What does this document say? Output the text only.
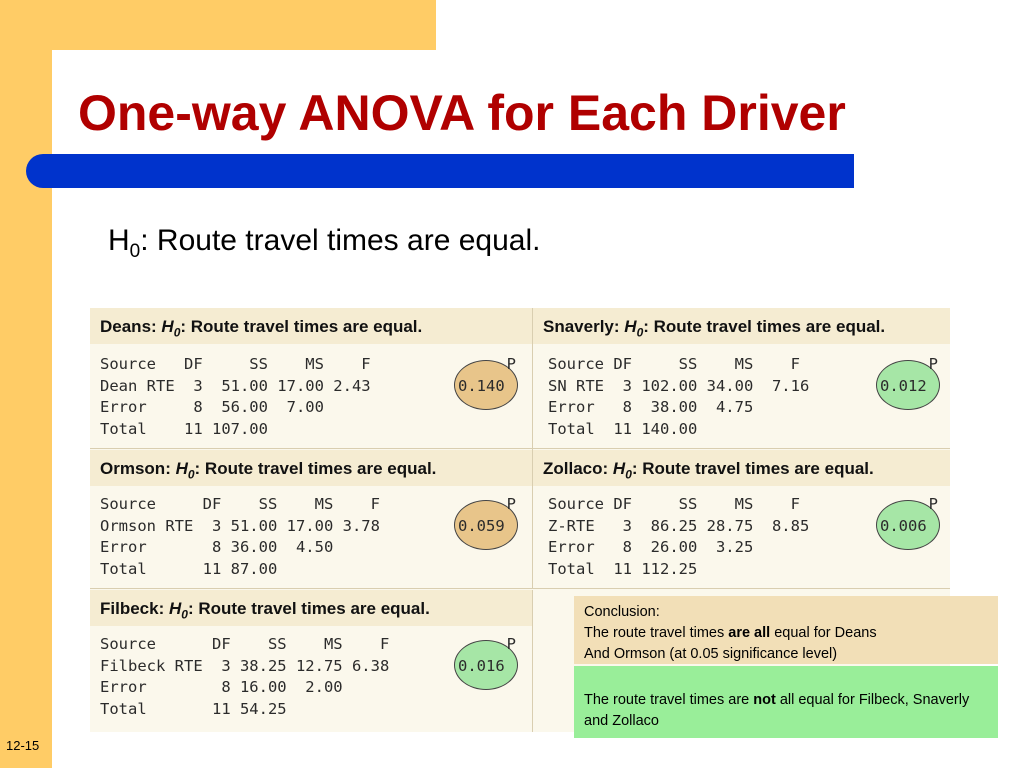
One-way ANOVA for Each Driver
$H_0$: Route travel times are equal.
Deans: $H_0$: Route travel times are equal.	Snaverly: $H_0$: Route travel times are equal.
Source   DF     SS    MS    F
Dean RTE  3  51.00 17.00 2.43
Error     8  56.00  7.00
Total    11 107.00
P
0.140
Source DF     SS    MS    F
SN RTE  3 102.00 34.00  7.16
Error   8  38.00  4.75
Total  11 140.00
P
0.012
Ormson: $H_0$: Route travel times are equal.	Zollaco: $H_0$: Route travel times are equal.
Source     DF    SS    MS    F
Ormson RTE  3 51.00 17.00 3.78
Error       8 36.00  4.50
Total      11 87.00
P
0.059
Source DF     SS    MS    F
Z-RTE   3  86.25 28.75  8.85
Error   8  26.00  3.25
Total  11 112.25
P
0.006
Filbeck: $H_0$: Route travel times are equal.
Source      DF    SS    MS    F
Filbeck RTE  3 38.25 12.75 6.38
Error        8 16.00  2.00
Total       11 54.25
P
0.016
Conclusion:
The route travel times are all equal for Deans
And Ormson (at 0.05 significance level)
The route travel times are not all equal for Filbeck, Snaverly and Zollaco
12-15
